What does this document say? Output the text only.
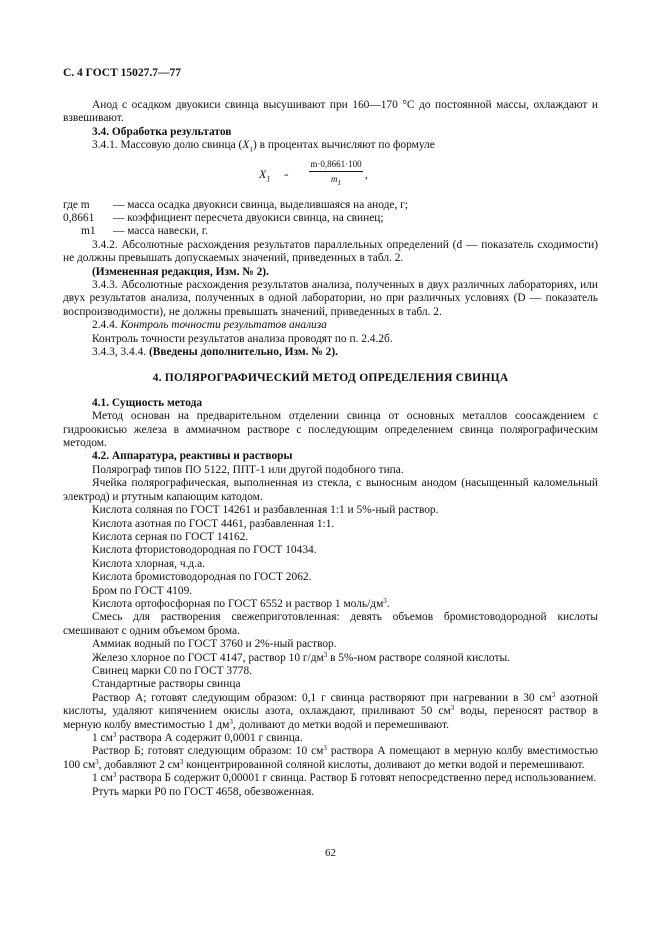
С. 4 ГОСТ 15027.7—77

Анод с осадком двуокиси свинца высушивают при 160—170 °С до постоянной массы, охлаждают и взвешивают.

3.4. Обработка результатов

3.4.1. Массовую долю свинца $(X_1)$ в процентах вычисляют по формуле

$X_1 = \frac{m\cdot 0,8661\cdot 100}{m_1}$ ,
где m — масса осадка двуокиси свинца, выделившаяся на аноде, г;
0,8661 — коэффициент пересчета двуокиси свинца, на свинец;
m1 — масса навески, г.

3.4.2. Абсолютные расхождения результатов параллельных определений (d — показатель сходимости) не должны превышать допускаемых значений, приведенных в табл. 2.

(Измененная редакция, Изм. № 2).

3.4.3. Абсолютные расхождения результатов анализа, полученных в двух различных лабораториях, или двух результатов анализа, полученных в одной лаборатории, но при различных условиях (D — показатель воспроизводимости), не должны превышать значений, приведенных в табл. 2.

2.4.4. Контроль точности результатов анализа

Контроль точности результатов анализа проводят по п. 2.4.2б.

3.4.3, 3.4.4. (Введены дополнительно, Изм. № 2).

4. ПОЛЯРОГРАФИЧЕСКИЙ МЕТОД ОПРЕДЕЛЕНИЯ СВИНЦА

4.1. Сущность метода

Метод основан на предварительном отделении свинца от основных металлов соосаждением с гидроокисью железа в аммиачном растворе с последующим определением свинца полярографическим методом.

4.2. Аппаратура, реактивы и растворы

Полярограф типов ПО 5122, ППТ-1 или другой подобного типа.

Ячейка полярографическая, выполненная из стекла, с выносным анодом (насыщенный каломельный электрод) и ртутным капающим катодом.

Кислота соляная по ГОСТ 14261 и разбавленная 1:1 и 5%-ный раствор.

Кислота азотная по ГОСТ 4461, разбавленная 1:1.

Кислота серная по ГОСТ 14162.

Кислота фтористоводородная по ГОСТ 10434.

Кислота хлорная, ч.д.а.

Кислота бромистоводородная по ГОСТ 2062.

Бром по ГОСТ 4109.

Кислота ортофосфорная по ГОСТ 6552 и раствор 1 моль/$дм^3$.

Смесь для растворения свежеприготовленная: девять объемов бромистоводородной кислоты смешивают с одним объемом брома.

Аммиак водный по ГОСТ 3760 и 2%-ный раствор.

Железо хлорное по ГОСТ 4147, раствор 10 $г/дм^3$ в 5%-ном растворе соляной кислоты.

Свинец марки С0 по ГОСТ 3778.

Стандартные растворы свинца

Раствор А; готовят следующим образом: 0,1 г свинца растворяют при нагревании в 30 $см^3$ азотной кислоты, удаляют кипячением окислы азота, охлаждают, приливают 50 $см^3$ воды, переносят раствор в мерную колбу вместимостью 1 $дм^3$, доливают до метки водой и перемешивают.

1 $см^3$ раствора А содержит 0,0001 г свинца.

Раствор Б; готовят следующим образом: 10 $см^3$ раствора А помещают в мерную колбу вместимостью 100 $см^3$, добавляют 2 $см^3$ концентрированной соляной кислоты, доливают до метки водой и перемешивают.

1 $см^3$ раствора Б содержит 0,00001 г свинца. Раствор Б готовят непосредственно перед использованием.

Ртуть марки Р0 по ГОСТ 4658, обезвоженная.

62
